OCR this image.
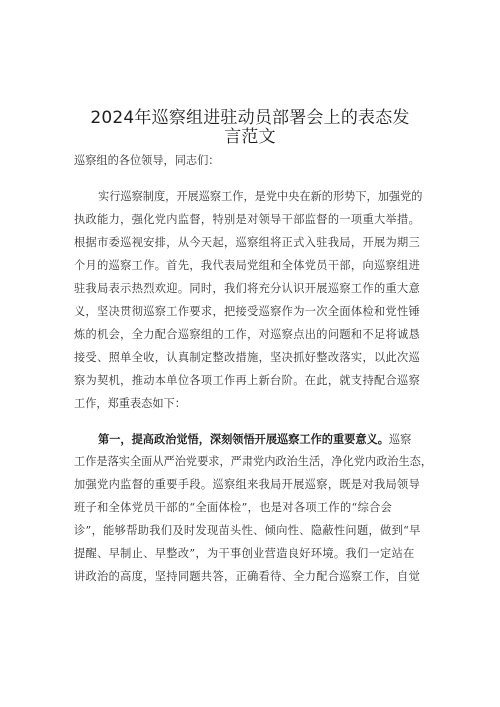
2024年巡察组进驻动员部署会上的表态发
言范文
巡察组的各位领导，同志们：
实行巡察制度，开展巡察工作，是党中央在新的形势下，加强党的
执政能力，强化党内监督，特别是对领导干部监督的一项重大举措。
根据市委巡视安排，从今天起，巡察组将正式入驻我局，开展为期三
个月的巡察工作。首先，我代表局党组和全体党员干部，向巡察组进
驻我局表示热烈欢迎。同时，我们将充分认识开展巡察工作的重大意
义，坚决贯彻巡察工作要求，把接受巡察作为一次全面体检和党性锤
炼的机会，全力配合巡察组的工作，对巡察点出的问题和不足将诚恳
接受、照单全收，认真制定整改措施，坚决抓好整改落实，以此次巡
察为契机，推动本单位各项工作再上新台阶。在此，就支持配合巡察
工作，郑重表态如下：
第一，提高政治觉悟，深刻领悟开展巡察工作的重要意义。巡察
工作是落实全面从严治党要求，严肃党内政治生活，净化党内政治生态，
加强党内监督的重要手段。巡察组来我局开展巡察，既是对我局领导
班子和全体党员干部的“全面体检”，也是对各项工作的“综合会
诊”，能够帮助我们及时发现苗头性、倾向性、隐蔽性问题，做到“早
提醒、早制止、早整改”，为干事创业营造良好环境。我们一定站在
讲政治的高度，坚持同题共答，正确看待、全力配合巡察工作，自觉
